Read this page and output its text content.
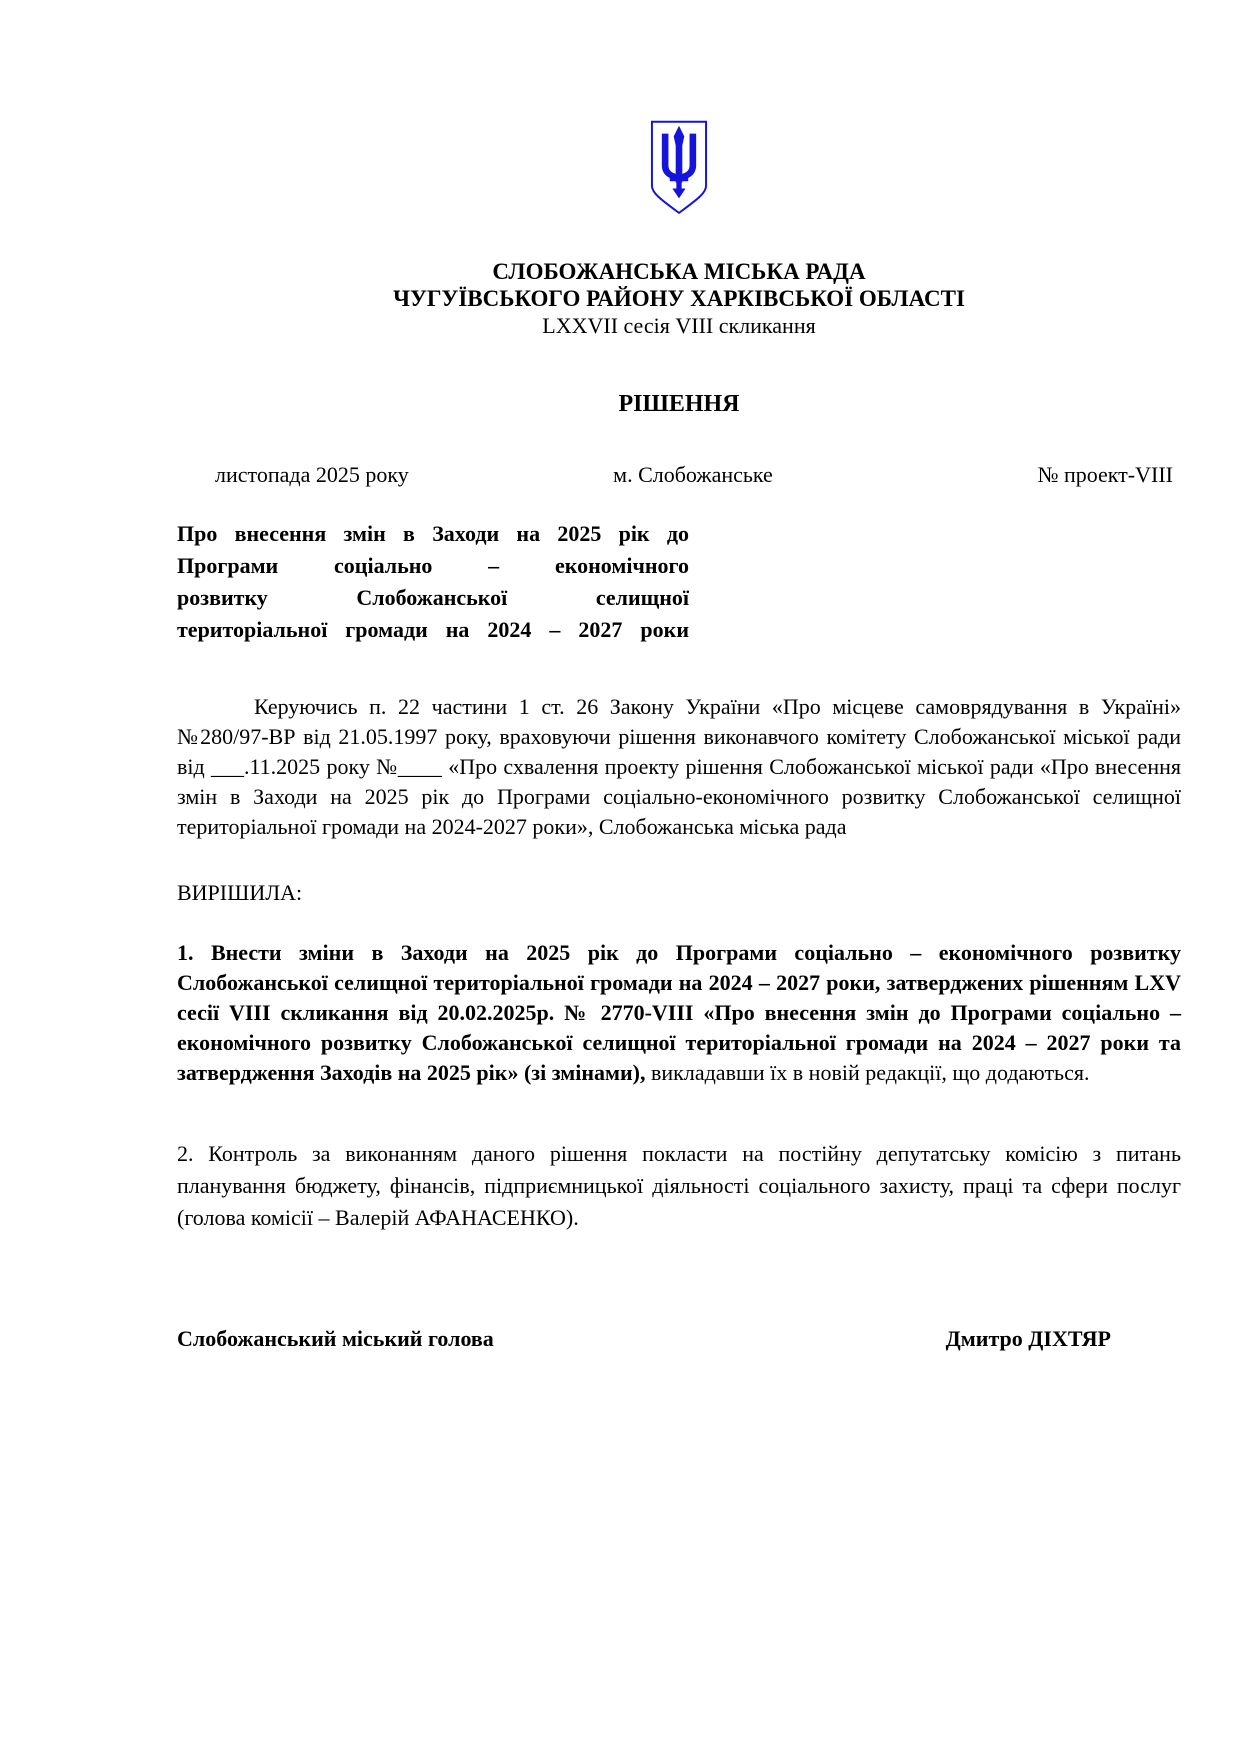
СЛОБОЖАНСЬКА МІСЬКА РАДА
ЧУГУЇВСЬКОГО РАЙОНУ ХАРКІВСЬКОЇ ОБЛАСТІ
LXXVII сесія VIII скликання
РІШЕННЯ
листопада 2025 року	м. Слобожанське	№ проект-VIII
Про внесення змін в Заходи на 2025 рік до
Програми соціально – економічного
розвитку Слобожанської селищної
територіальної громади на 2024 – 2027 роки

Керуючись п. 22 частини 1 ст. 26 Закону України «Про місцеве самоврядування в Україні» №280/97-ВР від 21.05.1997 року, враховуючи рішення виконавчого комітету Слобожанської міської ради від ___.11.2025 року №____ «Про схвалення проекту рішення Слобожанської міської ради «Про внесення змін в Заходи на 2025 рік до Програми соціально-економічного розвитку Слобожанської селищної територіальної громади на 2024-2027 роки», Слобожанська міська рада

ВИРІШИЛА:

1. Внести зміни в Заходи на 2025 рік до Програми соціально – економічного розвитку Слобожанської селищної територіальної громади на 2024 – 2027 роки, затверджених рішенням LXV сесії VIII скликання від 20.02.2025р. № 2770-VIII «Про внесення змін до Програми соціально – економічного розвитку Слобожанської селищної територіальної громади на 2024 – 2027 роки та затвердження Заходів на 2025 рік» (зі змінами), викладавши їх в новій редакції, що додаються.

2. Контроль за виконанням даного рішення покласти на постійну депутатську комісію з питань планування бюджету, фінансів, підприємницької діяльності соціального захисту, праці та сфери послуг (голова комісії – Валерій АФАНАСЕНКО).

Слобожанський міський голова	Дмитро ДІХТЯР
